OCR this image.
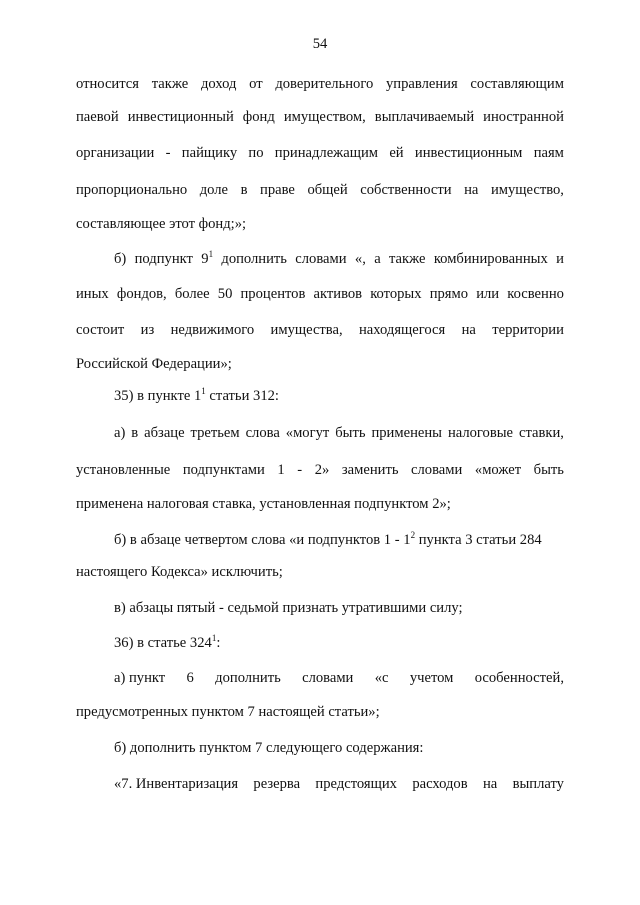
54
относится также доход от доверительного управления составляющим
паевой инвестиционный фонд имуществом, выплачиваемый иностранной
организации - пайщику по принадлежащим ей инвестиционным паям
пропорционально доле в праве общей собственности на имущество,
составляющее этот фонд;»;
б) подпункт $9^1$ дополнить словами «, а также комбинированных и
иных фондов, более 50 процентов активов которых прямо или косвенно
состоит из недвижимого имущества, находящегося на территории
Российской Федерации»;
35) в пункте $1^1$ статьи 312:
а) в абзаце третьем слова «могут быть применены налоговые ставки,
установленные подпунктами 1 - 2» заменить словами «может быть
применена налоговая ставка, установленная подпунктом 2»;
б) в абзаце четвертом слова «и подпунктов $1 - 1^2$ пункта 3 статьи 284
настоящего Кодекса» исключить;
в) абзацы пятый - седьмой признать утратившими силу;
36) в статье $324^1$:
а) пункт 6 дополнить словами «с учетом особенностей,
предусмотренных пунктом 7 настоящей статьи»;
б) дополнить пунктом 7 следующего содержания:
«7. Инвентаризация резерва предстоящих расходов на выплату
